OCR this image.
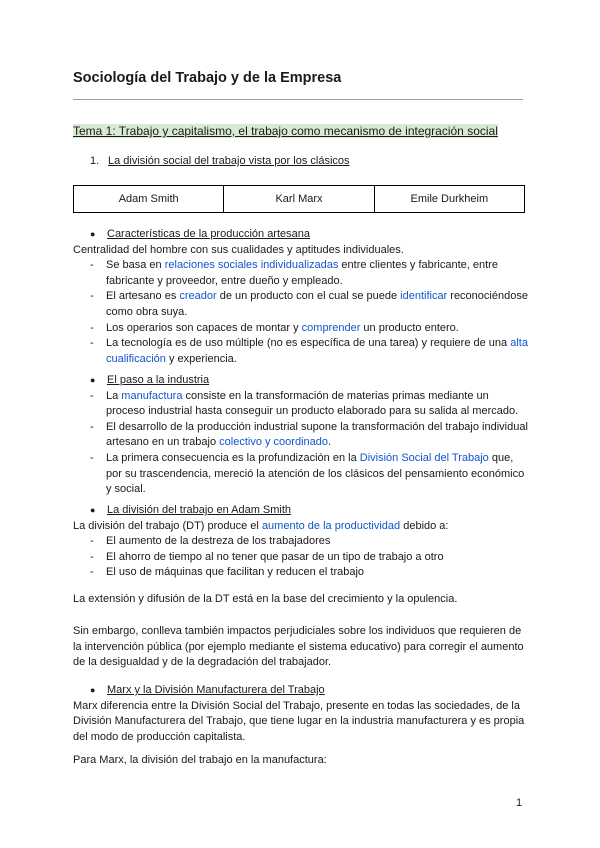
Sociología del Trabajo y de la Empresa
Tema 1: Trabajo y capitalismo, el trabajo como mecanismo de integración social
1. La división social del trabajo vista por los clásicos
Adam Smith	Karl Marx	Emile Durkheim

● Características de la producción artesana

Centralidad del hombre con sus cualidades y aptitudes individuales.

- Se basa en relaciones sociales individualizadas entre clientes y fabricante, entre fabricante y proveedor, entre dueño y empleado.

- El artesano es creador de un producto con el cual se puede identificar reconociéndose como obra suya.

- Los operarios son capaces de montar y comprender un producto entero.

- La tecnología es de uso múltiple (no es específica de una tarea) y requiere de una alta cualificación y experiencia.

● El paso a la industria

- La manufactura consiste en la transformación de materias primas mediante un proceso industrial hasta conseguir un producto elaborado para su salida al mercado.

- El desarrollo de la producción industrial supone la transformación del trabajo individual artesano en un trabajo colectivo y coordinado.

- La primera consecuencia es la profundización en la División Social del Trabajo que, por su trascendencia, mereció la atención de los clásicos del pensamiento económico y social.

● La división del trabajo en Adam Smith

La división del trabajo (DT) produce el aumento de la productividad debido a:

- El aumento de la destreza de los trabajadores

- El ahorro de tiempo al no tener que pasar de un tipo de trabajo a otro

- El uso de máquinas que facilitan y reducen el trabajo

La extensión y difusión de la DT está en la base del crecimiento y la opulencia.

Sin embargo, conlleva también impactos perjudiciales sobre los individuos que requieren de la intervención pública (por ejemplo mediante el sistema educativo) para corregir el aumento de la desigualdad y de la degradación del trabajador.

● Marx y la División Manufacturera del Trabajo

Marx diferencia entre la División Social del Trabajo, presente en todas las sociedades, de la División Manufacturera del Trabajo, que tiene lugar en la industria manufacturera y es propia del modo de producción capitalista.

Para Marx, la división del trabajo en la manufactura:

1
